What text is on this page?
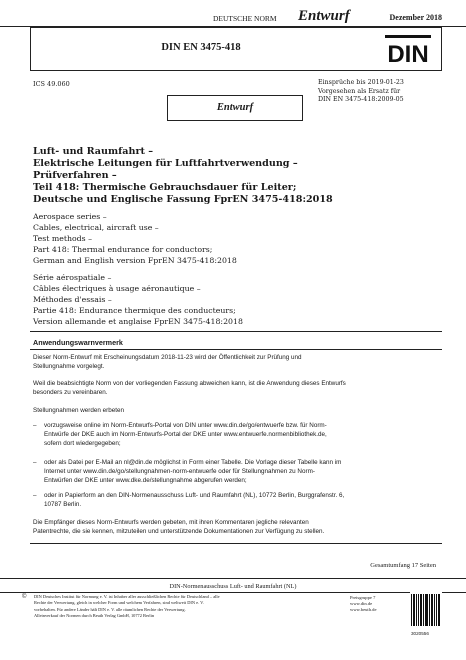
DEUTSCHE NORM Entwurf	Dezember 2018
DIN EN 3475-418	DIN
ICS 49.060	Einsprüche bis 2019-01-23
Vorgesehen als Ersatz für
DIN EN 3475-418:2009-05
Entwurf
Luft- und Raumfahrt –
Elektrische Leitungen für Luftfahrtverwendung –
Prüfverfahren –
Teil 418: Thermische Gebrauchsdauer für Leiter;
Deutsche und Englische Fassung FprEN 3475-418:2018
Aerospace series –
Cables, electrical, aircraft use –
Test methods –
Part 418: Thermal endurance for conductors;
German and English version FprEN 3475-418:2018
Série aérospatiale –
Câbles électriques à usage aéronautique –
Méthodes d'essais –
Partie 418: Endurance thermique des conducteurs;
Version allemande et anglaise FprEN 3475-418:2018
Anwendungswarnvermerk
Dieser Norm-Entwurf mit Erscheinungsdatum 2018-11-23 wird der Öffentlichkeit zur Prüfung und
Stellungnahme vorgelegt.
Weil die beabsichtigte Norm von der vorliegenden Fassung abweichen kann, ist die Anwendung dieses Entwurfs
besonders zu vereinbaren.
Stellungnahmen werden erbeten
– vorzugsweise online im Norm-Entwurfs-Portal von DIN unter www.din.de/go/entwuerfe bzw. für Norm-
Entwürfe der DKE auch im Norm-Entwurfs-Portal der DKE unter www.entwuerfe.normenbibliothek.de,
sofern dort wiedergegeben;
– oder als Datei per E-Mail an nl@din.de möglichst in Form einer Tabelle. Die Vorlage dieser Tabelle kann im
Internet unter www.din.de/go/stellungnahmen-norm-entwuerfe oder für Stellungnahmen zu Norm-
Entwürfen der DKE unter www.dke.de/stellungnahme abgerufen werden;
– oder in Papierform an den DIN-Normenausschuss Luft- und Raumfahrt (NL), 10772 Berlin, Burggrafenstr. 6,
10787 Berlin.
Die Empfänger dieses Norm-Entwurfs werden gebeten, mit ihren Kommentaren jegliche relevanten
Patentrechte, die sie kennen, mitzuteilen und unterstützende Dokumentationen zur Verfügung zu stellen.
Gesamtumfang 17 Seiten
DIN-Normenausschuss Luft- und Raumfahrt (NL)
© DIN Deutsches Institut für Normung e. V. ist Inhaber aller ausschließlichen Rechte für Deutschland – alle
Rechte der Verwertung, gleich in welcher Form und welchem Verfahren, sind weltweit DIN e. V.
vorbehalten. Für andere Länder hält DIN e. V. alle räumlichen Rechte der Verwertung.
Alleinverkauf der Normen durch Beuth Verlag GmbH, 10772 Berlin
Preisgruppe 7
www.din.de
www.beuth.de
3020556
